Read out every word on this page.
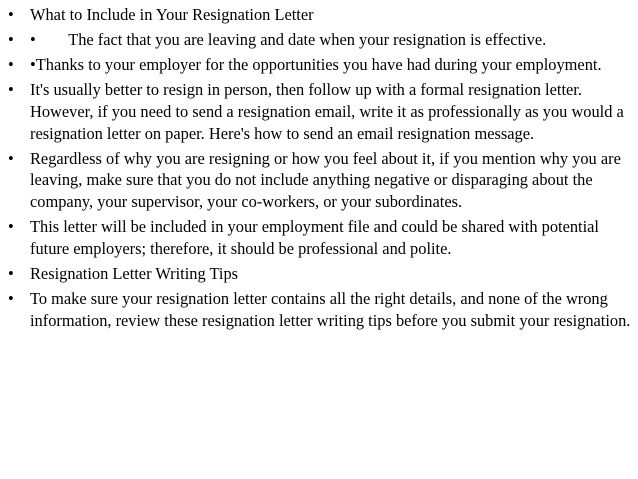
• What to Include in Your Resignation Letter
• •        The fact that you are leaving and date when your resignation is effective.
• •Thanks to your employer for the opportunities you have had during your employment.
• It's usually better to resign in person, then follow up with a formal resignation letter. However, if you need to send a resignation email, write it as professionally as you would a resignation letter on paper. Here's how to send an email resignation message.
• Regardless of why you are resigning or how you feel about it, if you mention why you are leaving, make sure that you do not include anything negative or disparaging about the company, your supervisor, your co-workers, or your subordinates.
• This letter will be included in your employment file and could be shared with potential future employers; therefore, it should be professional and polite.
• Resignation Letter Writing Tips
• To make sure your resignation letter contains all the right details, and none of the wrong information, review these resignation letter writing tips before you submit your resignation.
